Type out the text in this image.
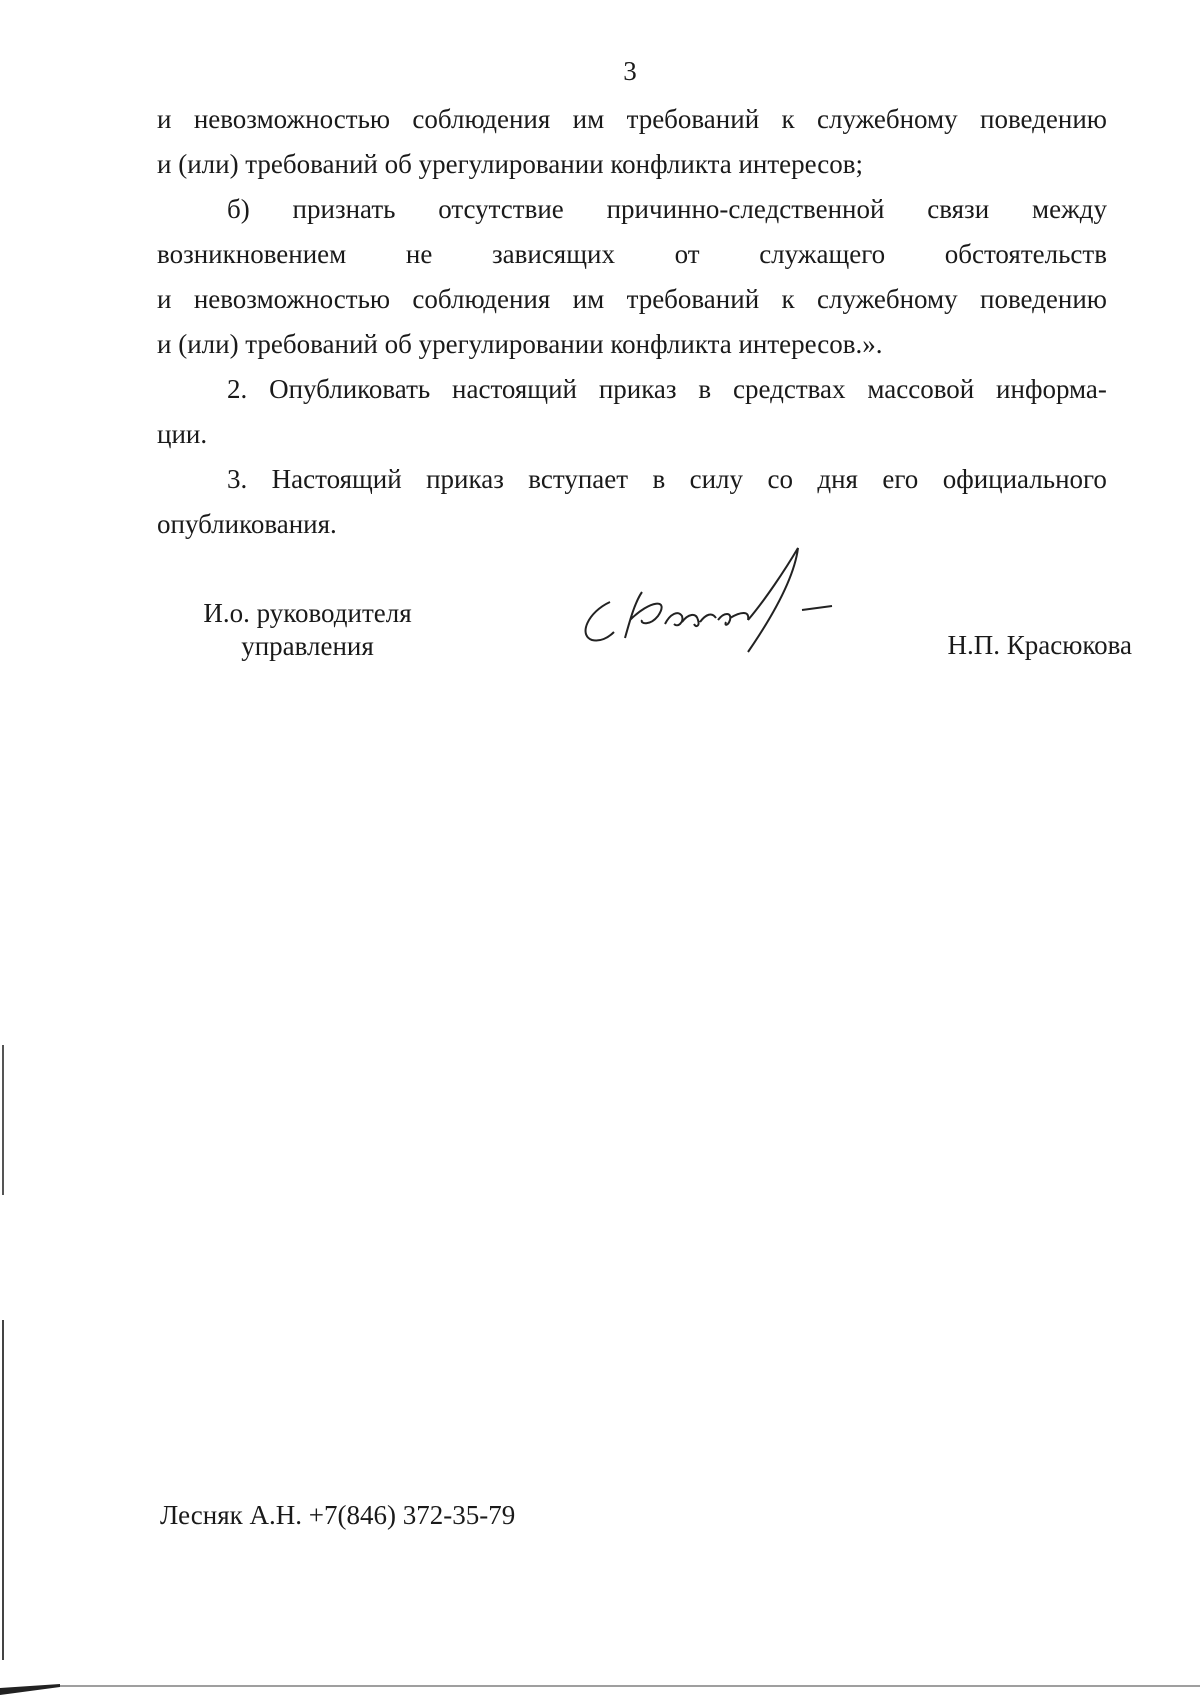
3
и невозможностью соблюдения им требований к служебному поведению
и (или) требований об урегулировании конфликта интересов;
б) признать отсутствие причинно-следственной связи между
возникновением не зависящих от служащего обстоятельств
и невозможностью соблюдения им требований к служебному поведению
и (или) требований об урегулировании конфликта интересов.».
2. Опубликовать настоящий приказ в средствах массовой информа-
ции.
3. Настоящий приказ вступает в силу со дня его официального
опубликования.
И.о. руководителя
управления	Н.П. Красюкова
Лесняк А.Н. +7(846) 372-35-79
